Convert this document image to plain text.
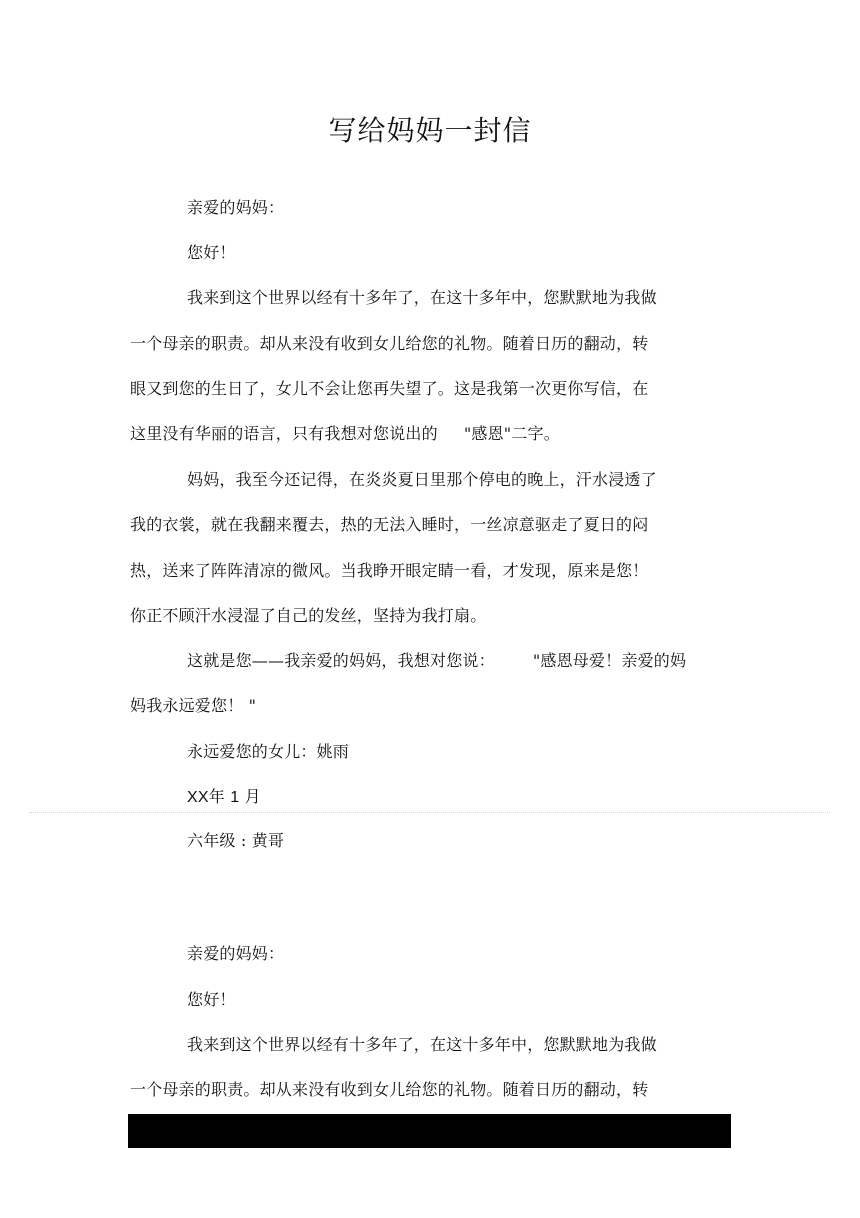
写给妈妈一封信
亲爱的妈妈：
您好！
我来到这个世界以经有十多年了，在这十多年中，您默默地为我做
一个母亲的职责。却从来没有收到女儿给您的礼物。随着日历的翻动，转
眼又到您的生日了，女儿不会让您再失望了。这是我第一次更你写信，在
这里没有华丽的语言，只有我想对您说出的 "感恩"二字。
妈妈，我至今还记得，在炎炎夏日里那个停电的晚上，汗水浸透了
我的衣裳，就在我翻来覆去，热的无法入睡时，一丝凉意驱走了夏日的闷
热，送来了阵阵清凉的微风。当我睁开眼定睛一看，才发现，原来是您！
你正不顾汗水浸湿了自己的发丝，坚持为我打扇。
这就是您——我亲爱的妈妈，我想对您说： "感恩母爱！亲爱的妈
妈我永远爱您！ "
永远爱您的女儿：姚雨
XX年 1 月
六年级 : 黄哥
亲爱的妈妈：
您好！
我来到这个世界以经有十多年了，在这十多年中，您默默地为我做
一个母亲的职责。却从来没有收到女儿给您的礼物。随着日历的翻动，转
